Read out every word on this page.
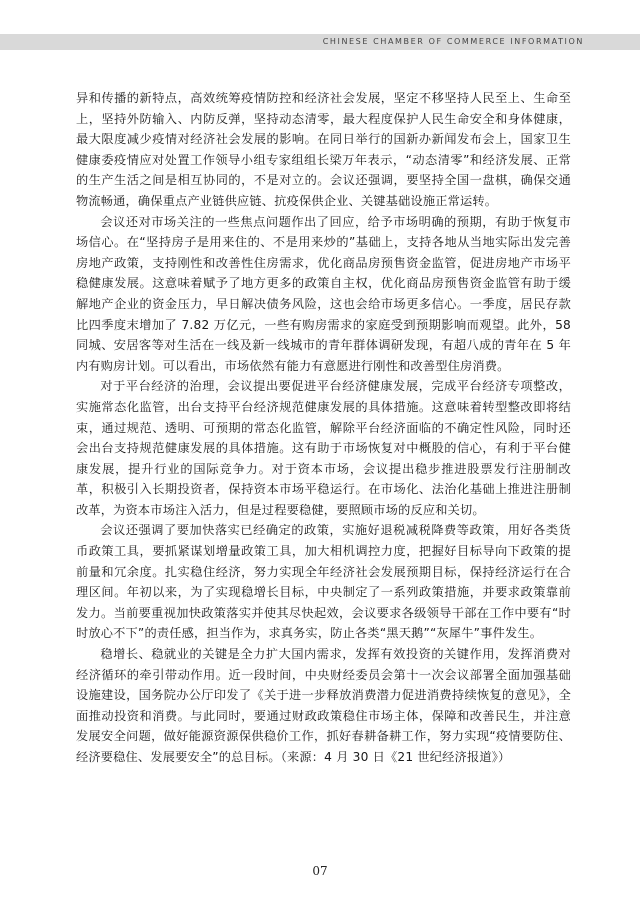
CHINESE CHAMBER OF COMMERCE INFORMATION

异和传播的新特点，高效统筹疫情防控和经济社会发展，坚定不移坚持人民至上、生命至上，坚持外防输入、内防反弹，坚持动态清零，最大程度保护人民生命安全和身体健康，最大限度减少疫情对经济社会发展的影响。在同日举行的国新办新闻发布会上，国家卫生健康委疫情应对处置工作领导小组专家组组长梁万年表示，“动态清零”和经济发展、正常的生产生活之间是相互协同的，不是对立的。会议还强调，要坚持全国一盘棋，确保交通物流畅通，确保重点产业链供应链、抗疫保供企业、关键基础设施正常运转。

会议还对市场关注的一些焦点问题作出了回应，给予市场明确的预期，有助于恢复市场信心。在“坚持房子是用来住的、不是用来炒的”基础上，支持各地从当地实际出发完善房地产政策，支持刚性和改善性住房需求，优化商品房预售资金监管，促进房地产市场平稳健康发展。这意味着赋予了地方更多的政策自主权，优化商品房预售资金监管有助于缓解地产企业的资金压力，早日解决债务风险，这也会给市场更多信心。一季度，居民存款比四季度末增加了 7.82 万亿元，一些有购房需求的家庭受到预期影响而观望。此外，58 同城、安居客等对生活在一线及新一线城市的青年群体调研发现，有超八成的青年在 5 年内有购房计划。可以看出，市场依然有能力有意愿进行刚性和改善型住房消费。

对于平台经济的治理，会议提出要促进平台经济健康发展，完成平台经济专项整改，实施常态化监管，出台支持平台经济规范健康发展的具体措施。这意味着转型整改即将结束，通过规范、透明、可预期的常态化监管，解除平台经济面临的不确定性风险，同时还会出台支持规范健康发展的具体措施。这有助于市场恢复对中概股的信心，有利于平台健康发展，提升行业的国际竞争力。对于资本市场，会议提出稳步推进股票发行注册制改革，积极引入长期投资者，保持资本市场平稳运行。在市场化、法治化基础上推进注册制改革，为资本市场注入活力，但是过程要稳健，要照顾市场的反应和关切。

会议还强调了要加快落实已经确定的政策，实施好退税减税降费等政策，用好各类货币政策工具，要抓紧谋划增量政策工具，加大相机调控力度，把握好目标导向下政策的提前量和冗余度。扎实稳住经济，努力实现全年经济社会发展预期目标，保持经济运行在合理区间。年初以来，为了实现稳增长目标，中央制定了一系列政策措施，并要求政策靠前发力。当前要重视加快政策落实并使其尽快起效，会议要求各级领导干部在工作中要有“时时放心不下”的责任感，担当作为，求真务实，防止各类“黑天鹅”“灰犀牛”事件发生。

稳增长、稳就业的关键是全力扩大国内需求，发挥有效投资的关键作用，发挥消费对经济循环的牵引带动作用。近一段时间，中央财经委员会第十一次会议部署全面加强基础设施建设，国务院办公厅印发了《关于进一步释放消费潜力促进消费持续恢复的意见》，全面推动投资和消费。与此同时，要通过财政政策稳住市场主体，保障和改善民生，并注意发展安全问题，做好能源资源保供稳价工作，抓好春耕备耕工作，努力实现“疫情要防住、经济要稳住、发展要安全”的总目标。（来源：4 月 30 日《21 世纪经济报道》）

07
